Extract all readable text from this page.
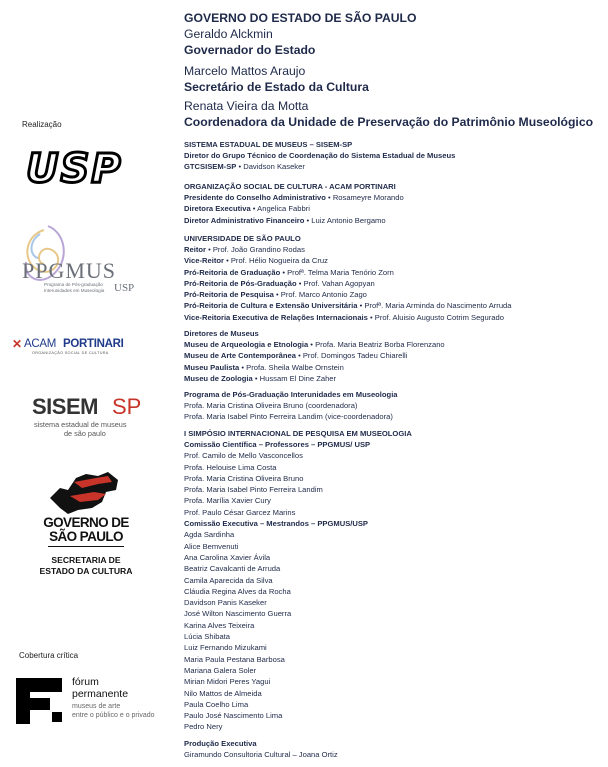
Realização
Cobertura crítica
USP
PPGMUS
Programa de Pós-graduação
Interunidades em Museologia USP
✕ ACAM PORTINARI
ORGANIZAÇÃO SOCIAL DE CULTURA
SISEM SP
sistema estadual de museus
de são paulo
GOVERNO DE
SÃO PAULO
SECRETARIA DE
ESTADO DA CULTURA
fórum
permanente
museus de arte
entre o público e o privado
GOVERNO DO ESTADO DE SÃO PAULO
Geraldo Alckmin
Governador do Estado
Marcelo Mattos Araujo
Secretário de Estado da Cultura
Renata Vieira da Motta
Coordenadora da Unidade de Preservação do Patrimônio Museológico
SISTEMA ESTADUAL DE MUSEUS – SISEM-SP
Diretor do Grupo Técnico de Coordenação do Sistema Estadual de Museus
GTCSISEM-SP • Davidson Kaseker
ORGANIZAÇÃO SOCIAL DE CULTURA - ACAM PORTINARI
Presidente do Conselho Administrativo • Rosameyre Morando
Diretora Executiva • Angelica Fabbri
Diretor Administrativo Financeiro • Luiz Antonio Bergamo
UNIVERSIDADE DE SÃO PAULO
Reitor • Prof. João Grandino Rodas
Vice-Reitor • Prof. Hélio Nogueira da Cruz
Pró-Reitoria de Graduação • Profª. Telma Maria Tenório Zorn
Pró-Reitoria de Pós-Graduação • Prof. Vahan Agopyan
Pró-Reitoria de Pesquisa • Prof. Marco Antonio Zago
Pró-Reitoria de Cultura e Extensão Universitária • Profª. Maria Arminda do Nascimento Arruda
Vice-Reitoria Executiva de Relações Internacionais • Prof. Aluisio Augusto Cotrim Segurado
Diretores de Museus
Museu de Arqueologia e Etnologia • Profa. Maria Beatriz Borba Florenzano
Museu de Arte Contemporânea • Prof. Domingos Tadeu Chiarelli
Museu Paulista • Profa. Sheila Walbe Ornstein
Museu de Zoologia • Hussam El Dine Zaher
Programa de Pós-Graduação Interunidades em Museologia
Profa. Maria Cristina Oliveira Bruno (coordenadora)
Profa. Maria Isabel Pinto Ferreira Landim (vice-coordenadora)
I SIMPÓSIO INTERNACIONAL DE PESQUISA EM MUSEOLOGIA
Comissão Científica – Professores – PPGMUS/ USP
Prof. Camilo de Mello Vasconcellos
Profa. Helouise Lima Costa
Profa. Maria Cristina Oliveira Bruno
Profa. Maria Isabel Pinto Ferreira Landim
Profa. Marília Xavier Cury
Prof. Paulo César Garcez Marins
Comissão Executiva – Mestrandos – PPGMUS/USP
Agda Sardinha
Alice Bemvenuti
Ana Carolina Xavier Ávila
Beatriz Cavalcanti de Arruda
Camila Aparecida da Silva
Cláudia Regina Alves da Rocha
Davidson Panis Kaseker
José Wilton Nascimento Guerra
Karina Alves Teixeira
Lúcia Shibata
Luiz Fernando Mizukami
Maria Paula Pestana Barbosa
Mariana Galera Soler
Mirian Midori Peres Yagui
Nilo Mattos de Almeida
Paula Coelho Lima
Paulo José Nascimento Lima
Pedro Nery
Produção Executiva
Giramundo Consultoria Cultural – Joana Ortiz
